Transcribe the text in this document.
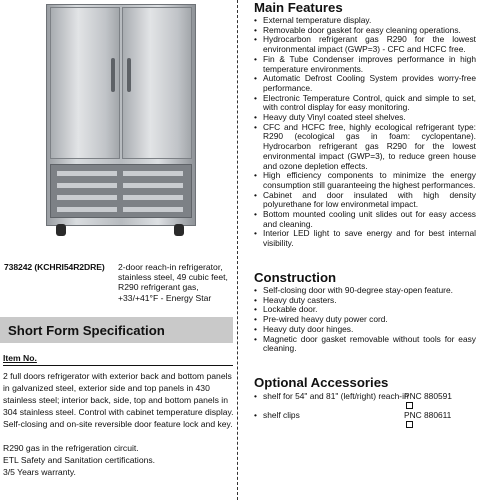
738242 (KCHRI54R2DRE) 2-door reach-in refrigerator, stainless steel, 49 cubic feet, R290 refrigerant gas, +33/+41°F - Energy Star
Short Form Specification
Item No.

2 full doors refrigerator with exterior back and bottom panels in galvanized steel, exterior side and top panels in 430 stainless steel; interior back, side, top and bottom panels in 304 stainless steel. Control with cabinet temperature display. Self-closing and on-site reversible door feature lock and key.

R290 gas in the refrigeration circuit.

ETL Safety and Sanitation certifications.

3/5 Years warranty.

Main Features
• External temperature display.
• Removable door gasket for easy cleaning operations.
• Hydrocarbon refrigerant gas R290 for the lowest environmental impact (GWP=3) - CFC and HCFC free.
• Fin & Tube Condenser improves performance in high temperature environments.
• Automatic Defrost Cooling System provides worry-free performance.
• Electronic Temperature Control, quick and simple to set, with control display for easy monitoring.
• Heavy duty Vinyl coated steel shelves.
• CFC and HCFC free, highly ecological refrigerant type: R290 (ecological gas in foam: cyclopentane). Hydrocarbon refrigerant gas R290 for the lowest environmental impact (GWP=3), to reduce green house and ozone depletion effects.
• High efficiency components to minimize the energy consumption still guaranteeing the highest performances.
• Cabinet and door insulated with high density polyurethane for low environmetal impact.
• Bottom mounted cooling unit slides out for easy access and cleaning.
• Interior LED light to save energy and for best internal visibility.
Construction
• Self-closing door with 90-degree stay-open feature.
• Heavy duty casters.
• Lockable door.
• Pre-wired heavy duty power cord.
• Heavy duty door hinges.
• Magnetic door gasket removable without tools for easy cleaning.
Optional Accessories
• shelf for 54" and 81" (left/right) reach-in
PNC 880591
• shelf clips	PNC 880611
